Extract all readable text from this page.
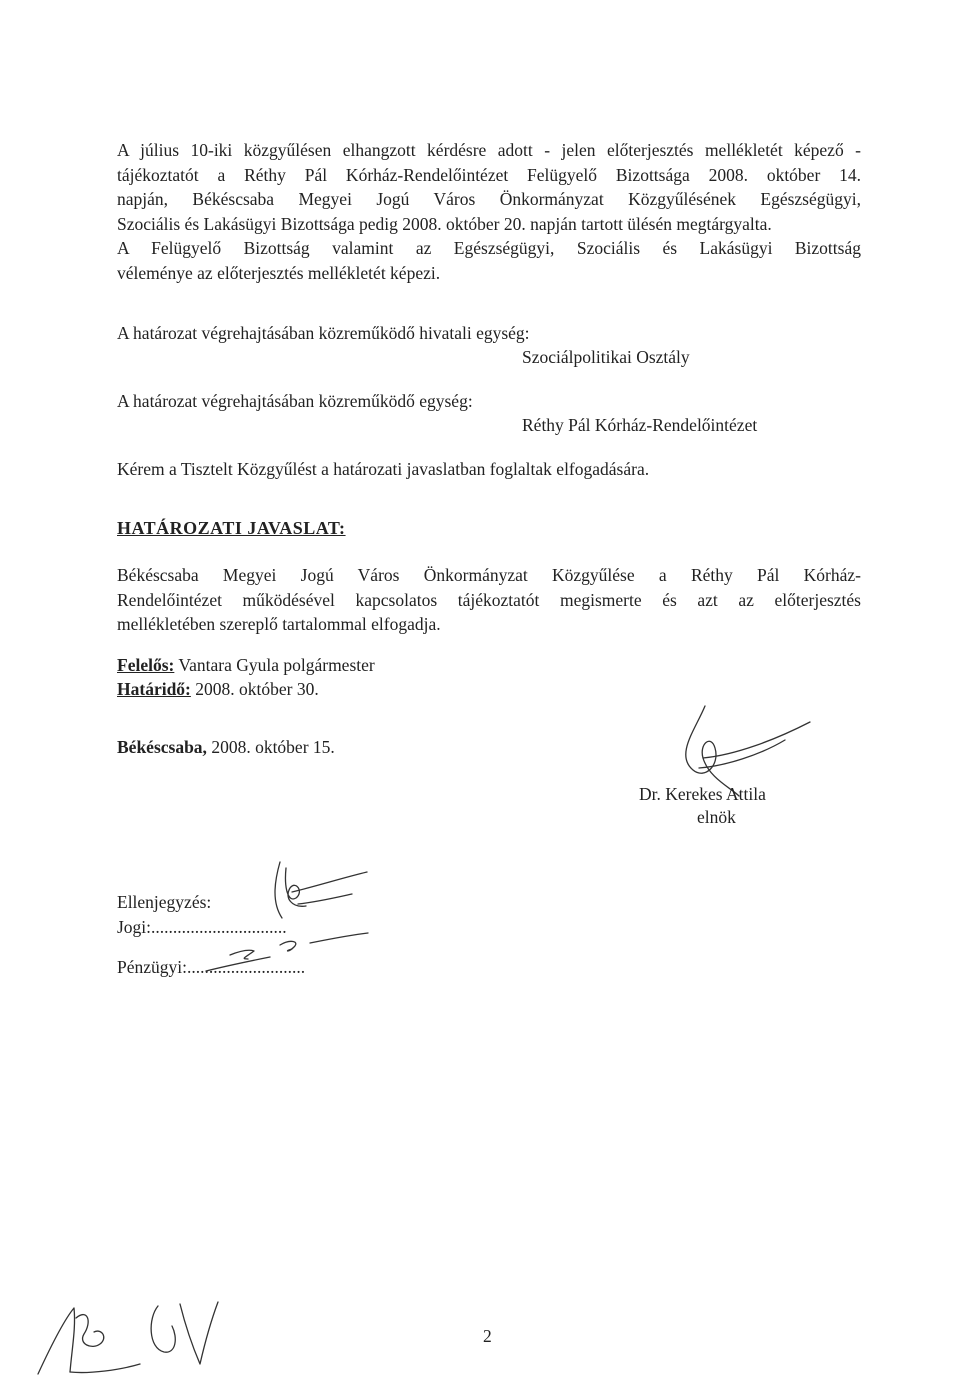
A július 10-iki közgyűlésen elhangzott kérdésre adott - jelen előterjesztés mellékletét képező -
tájékoztatót a Réthy Pál Kórház-Rendelőintézet Felügyelő Bizottsága 2008. október 14.
napján, Békéscsaba Megyei Jogú Város Önkormányzat Közgyűlésének Egészségügyi,
Szociális és Lakásügyi Bizottsága pedig 2008. október 20. napján tartott ülésén megtárgyalta.
A Felügyelő Bizottság valamint az Egészségügyi, Szociális és Lakásügyi Bizottság
véleménye az előterjesztés mellékletét képezi.
A határozat végrehajtásában közreműködő hivatali egység:
Szociálpolitikai Osztály
A határozat végrehajtásában közreműködő egység:
Réthy Pál Kórház-Rendelőintézet
Kérem a Tisztelt Közgyűlést a határozati javaslatban foglaltak elfogadására.
HATÁROZATI JAVASLAT:
Békéscsaba Megyei Jogú Város Önkormányzat Közgyűlése a Réthy Pál Kórház-
Rendelőintézet működésével kapcsolatos tájékoztatót megismerte és azt az előterjesztés
mellékletében szereplő tartalommal elfogadja.
Felelős: Vantara Gyula polgármester
Határidő: 2008. október 30.
Békéscsaba, 2008. október 15.
Dr. Kerekes Attila
elnök
Ellenjegyzés:
Jogi:...............................
Pénzügyi:...........................
2
